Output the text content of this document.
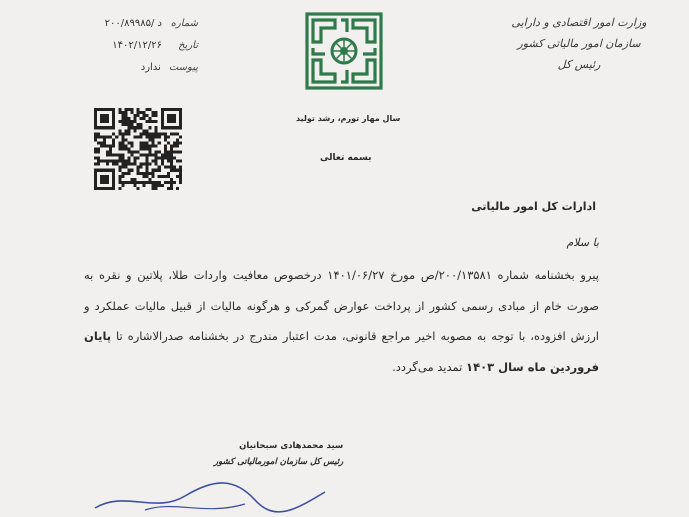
وزارت امور اقتصادی و دارایی
سازمان امور مالیاتی کشور
رئیس کل
شماره
۲۰۰/۸۹۹۸۵/ د
تاریخ
۱۴۰۲/۱۲/۲۶
پیوست
ندارد
سال مهار تورم، رشد تولید
بسمه تعالی
ادارات کل امور مالیاتی
با سلام
پیرو بخشنامه شماره ۲۰۰/۱۳۵۸۱/ص مورخ ۱۴۰۱/۰۶/۲۷ درخصوص معافیت واردات طلا، پلاتین و نقره به صورت خام از مبادی رسمی کشور از پرداخت عوارض گمرکی و هرگونه مالیات از قبیل مالیات عملکرد و ارزش افزوده، با توجه به مصوبه اخیر مراجع قانونی، مدت اعتبار مندرج در بخشنامه صدرالاشاره تا پایان فروردین ماه سال ۱۴۰۳ تمدید می‌گردد.
سید محمدهادی سبحانیان
رئیس کل سازمان امورمالیاتی کشور
